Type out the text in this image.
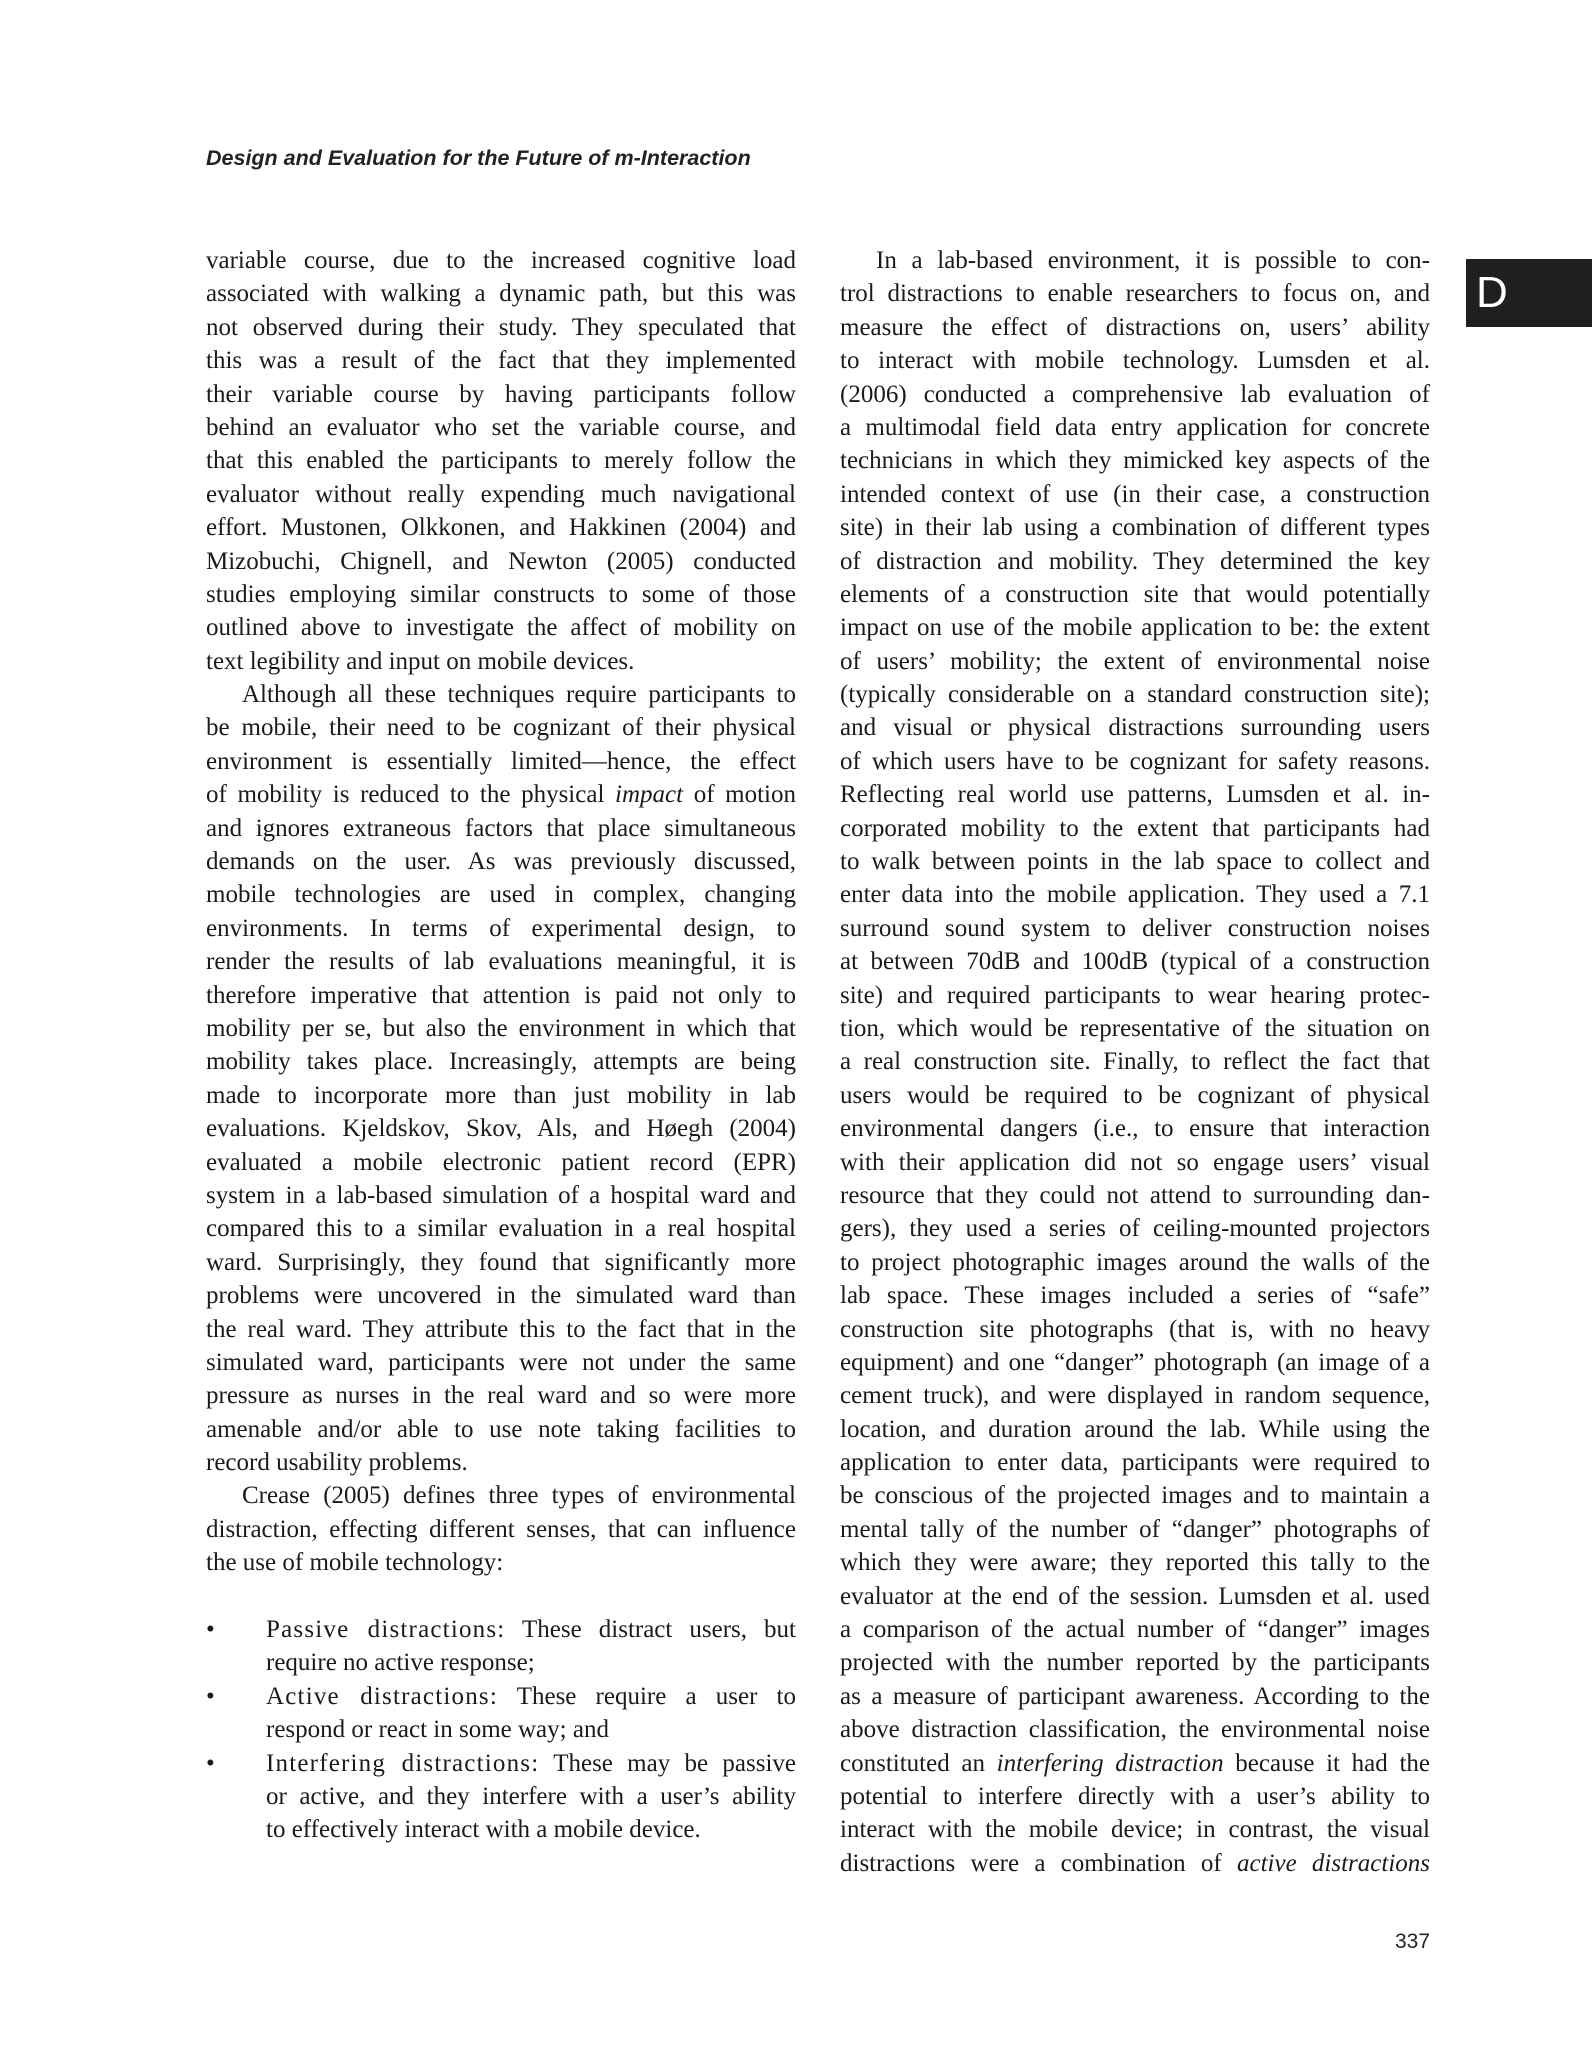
Design and Evaluation for the Future of m-Interaction
D
variable course, due to the increased cognitive load
associated with walking a dynamic path, but this was
not observed during their study. They speculated that
this was a result of the fact that they implemented
their variable course by having participants follow
behind an evaluator who set the variable course, and
that this enabled the participants to merely follow the
evaluator without really expending much navigational
effort. Mustonen, Olkkonen, and Hakkinen (2004) and
Mizobuchi, Chignell, and Newton (2005) conducted
studies employing similar constructs to some of those
outlined above to investigate the affect of mobility on
text legibility and input on mobile devices.
Although all these techniques require participants to
be mobile, their need to be cognizant of their physical
environment is essentially limited—hence, the effect
of mobility is reduced to the physical impact of motion
and ignores extraneous factors that place simultaneous
demands on the user. As was previously discussed,
mobile technologies are used in complex, changing
environments. In terms of experimental design, to
render the results of lab evaluations meaningful, it is
therefore imperative that attention is paid not only to
mobility per se, but also the environment in which that
mobility takes place. Increasingly, attempts are being
made to incorporate more than just mobility in lab
evaluations. Kjeldskov, Skov, Als, and Høegh (2004)
evaluated a mobile electronic patient record (EPR)
system in a lab-based simulation of a hospital ward and
compared this to a similar evaluation in a real hospital
ward. Surprisingly, they found that significantly more
problems were uncovered in the simulated ward than
the real ward. They attribute this to the fact that in the
simulated ward, participants were not under the same
pressure as nurses in the real ward and so were more
amenable and/or able to use note taking facilities to
record usability problems.
Crease (2005) defines three types of environmental
distraction, effecting different senses, that can influence
the use of mobile technology:
• Passive distractions: These distract users, but
require no active response;
• Active distractions: These require a user to
respond or react in some way; and
• Interfering distractions: These may be passive
or active, and they interfere with a user’s ability
to effectively interact with a mobile device.
In a lab-based environment, it is possible to con-
trol distractions to enable researchers to focus on, and
measure the effect of distractions on, users’ ability
to interact with mobile technology. Lumsden et al.
(2006) conducted a comprehensive lab evaluation of
a multimodal field data entry application for concrete
technicians in which they mimicked key aspects of the
intended context of use (in their case, a construction
site) in their lab using a combination of different types
of distraction and mobility. They determined the key
elements of a construction site that would potentially
impact on use of the mobile application to be: the extent
of users’ mobility; the extent of environmental noise
(typically considerable on a standard construction site);
and visual or physical distractions surrounding users
of which users have to be cognizant for safety reasons.
Reflecting real world use patterns, Lumsden et al. in-
corporated mobility to the extent that participants had
to walk between points in the lab space to collect and
enter data into the mobile application. They used a 7.1
surround sound system to deliver construction noises
at between 70dB and 100dB (typical of a construction
site) and required participants to wear hearing protec-
tion, which would be representative of the situation on
a real construction site. Finally, to reflect the fact that
users would be required to be cognizant of physical
environmental dangers (i.e., to ensure that interaction
with their application did not so engage users’ visual
resource that they could not attend to surrounding dan-
gers), they used a series of ceiling-mounted projectors
to project photographic images around the walls of the
lab space. These images included a series of “safe”
construction site photographs (that is, with no heavy
equipment) and one “danger” photograph (an image of a
cement truck), and were displayed in random sequence,
location, and duration around the lab. While using the
application to enter data, participants were required to
be conscious of the projected images and to maintain a
mental tally of the number of “danger” photographs of
which they were aware; they reported this tally to the
evaluator at the end of the session. Lumsden et al. used
a comparison of the actual number of “danger” images
projected with the number reported by the participants
as a measure of participant awareness. According to the
above distraction classification, the environmental noise
constituted an interfering distraction because it had the
potential to interfere directly with a user’s ability to
interact with the mobile device; in contrast, the visual
distractions were a combination of active distractions
337
